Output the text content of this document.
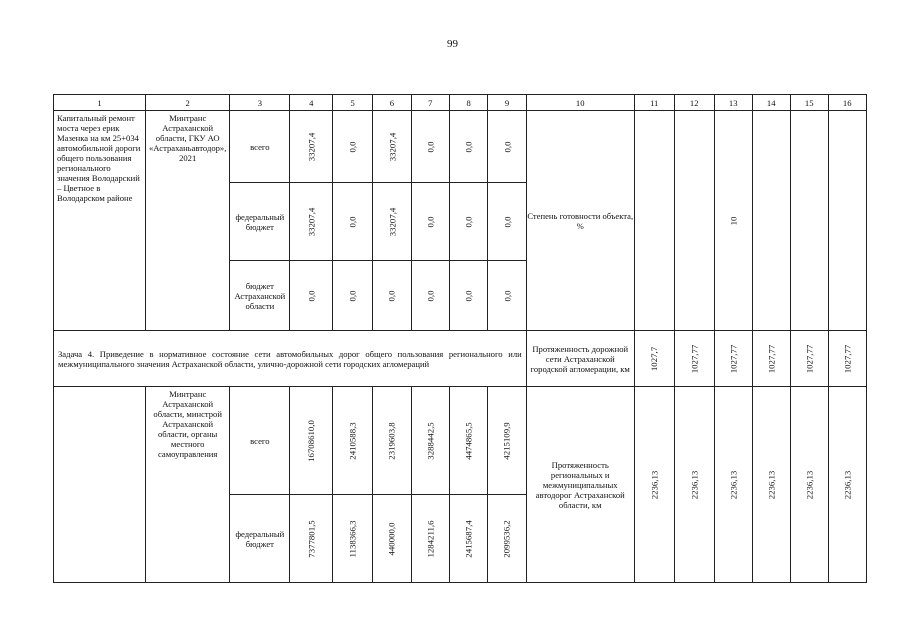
99
1	2	3	4	5	6	7	8	9	10	11	12	13	14	15	16
Капитальный ремонт моста через ерик Мазенка на км 25+034 автомобильной дороги общего пользования регионального значения Володарский – Цветное в Володарском районе	Минтранс Астраханской области, ГКУ АО «Астраханьавтодор», 2021	всего	33207,4	0,0	33207,4	0,0	0,0	0,0	Степень готовности объекта, %			10			
		федеральный бюджет	33207,4	0,0	33207,4	0,0	0,0	0,0							
		бюджет Астраханской области	0,0	0,0	0,0	0,0	0,0	0,0							
Задача 4. Приведение в нормативное состояние сети автомобильных дорог общего пользования регионального или межмуниципального значения Астраханской области, улично-дорожной сети городских агломераций									Протяженность дорожной сети Астраханской городской агломерации, км	1027,7	1027,77	1027,77	1027,77	1027,77	1027,77
	Минтранс Астраханской области, минстрой Астраханской области, органы местного самоуправления	всего	16708610,0	2410588,3	2319603,8	3288442,5	4474865,5	4215109,9	Протяженность региональных и межмуниципальных автодорог Астраханской области, км	2236,13	2236,13	2236,13	2236,13	2236,13	2236,13
		федеральный бюджет	7377801,5	1138366,3	440000,0	1284211,6	2415687,4	2099536,2							
